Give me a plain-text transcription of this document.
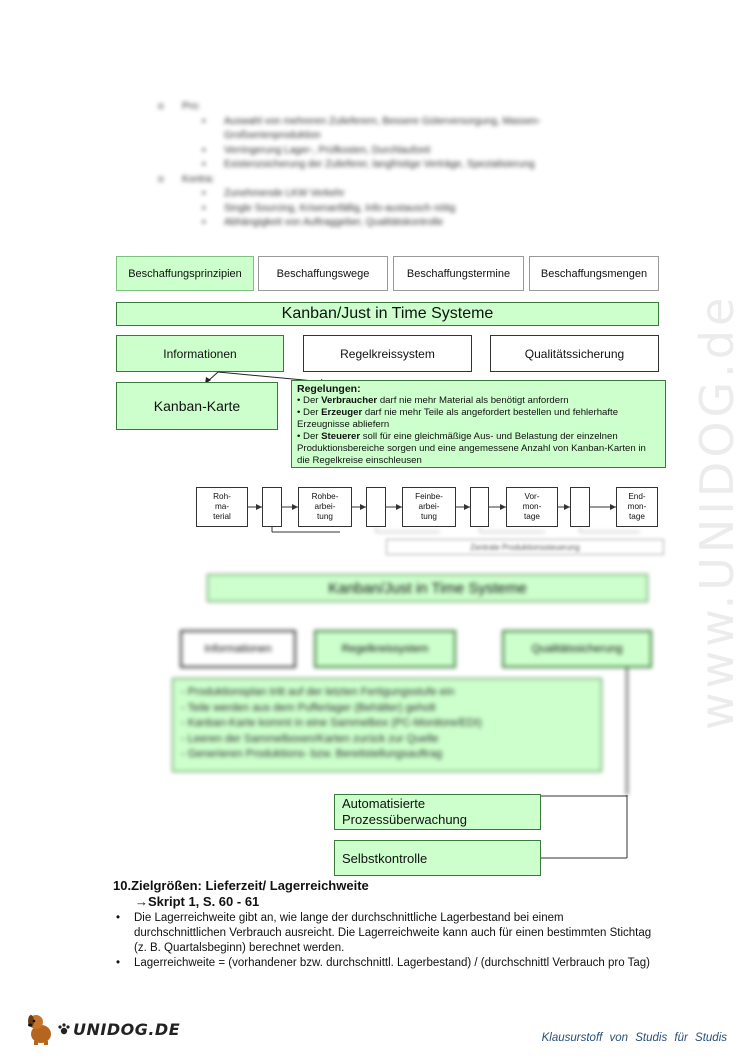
www.UNIDOG.de
o	Pro:
▪	Auswahl von mehreren Zulieferern, Bessere Güterversorgung, Massen- Großserienproduktion
▪	Verringerung Lager-, Prüfkosten, Durchlaufzeit
▪	Existenzsicherung der Zulieferer, langfristige Verträge, Spezialisierung
o	Kontra:
▪	Zunehmende LKW Verkehr
▪	Single Sourcing, Krisenanfällig, Info-austausch nötig
▪	Abhängigkeit von Auftraggeber, Qualitätskontrolle
Beschaffungsprinzipien	Beschaffungswege	Beschaffungstermine	Beschaffungsmengen
Kanban/Just in Time Systeme
Informationen	Regelkreissystem	Qualitätssicherung
Kanban-Karte
Regelungen:
• Der Verbraucher darf nie mehr Material als benötigt anfordern
• Der Erzeuger darf nie mehr Teile als angefordert bestellen und fehlerhafte Erzeugnisse abliefern
• Der Steuerer soll für eine gleichmäßige Aus- und Belastung der einzelnen Produktionsbereiche sorgen und eine angemessene Anzahl von Kanban-Karten in die Regelkreise einschleusen
Roh-
ma-
terial
Rohbe-
arbei-
tung
Feinbe-
arbei-
tung
Vor-
mon-
tage
End-
mon-
tage
Zentrale Produktionssteuerung
Kanban/Just in Time Systeme
Informationen	Regelkreissystem	Qualitätssicherung
- Produktionsplan tritt auf der letzten Fertigungsstufe ein
- Teile werden aus dem Pufferlager (Behälter) geholt
- Kanban-Karte kommt in eine Sammelbox (PC-Monitore/EDI)
- Leeren der Sammelboxen/Karten zurück zur Quelle
- Generieren Produktions- bzw. Bereitstellungsauftrag
Automatisierte Prozessüberwachung
Selbstkontrolle
10.Zielgrößen: Lieferzeit/ Lagerreichweite
→Skript 1, S. 60 - 61
•	Die Lagerreichweite gibt an, wie lange der durchschnittliche Lagerbestand bei einem durchschnittlichen Verbrauch ausreicht. Die Lagerreichweite kann auch für einen bestimmten Stichtag (z. B. Quartalsbeginn) berechnet werden.
•	Lagerreichweite = (vorhandener bzw. durchschnittl. Lagerbestand) / (durchschnittl Verbrauch pro Tag)
UNIDOG.DE	Klausurstoff von Studis für Studis
